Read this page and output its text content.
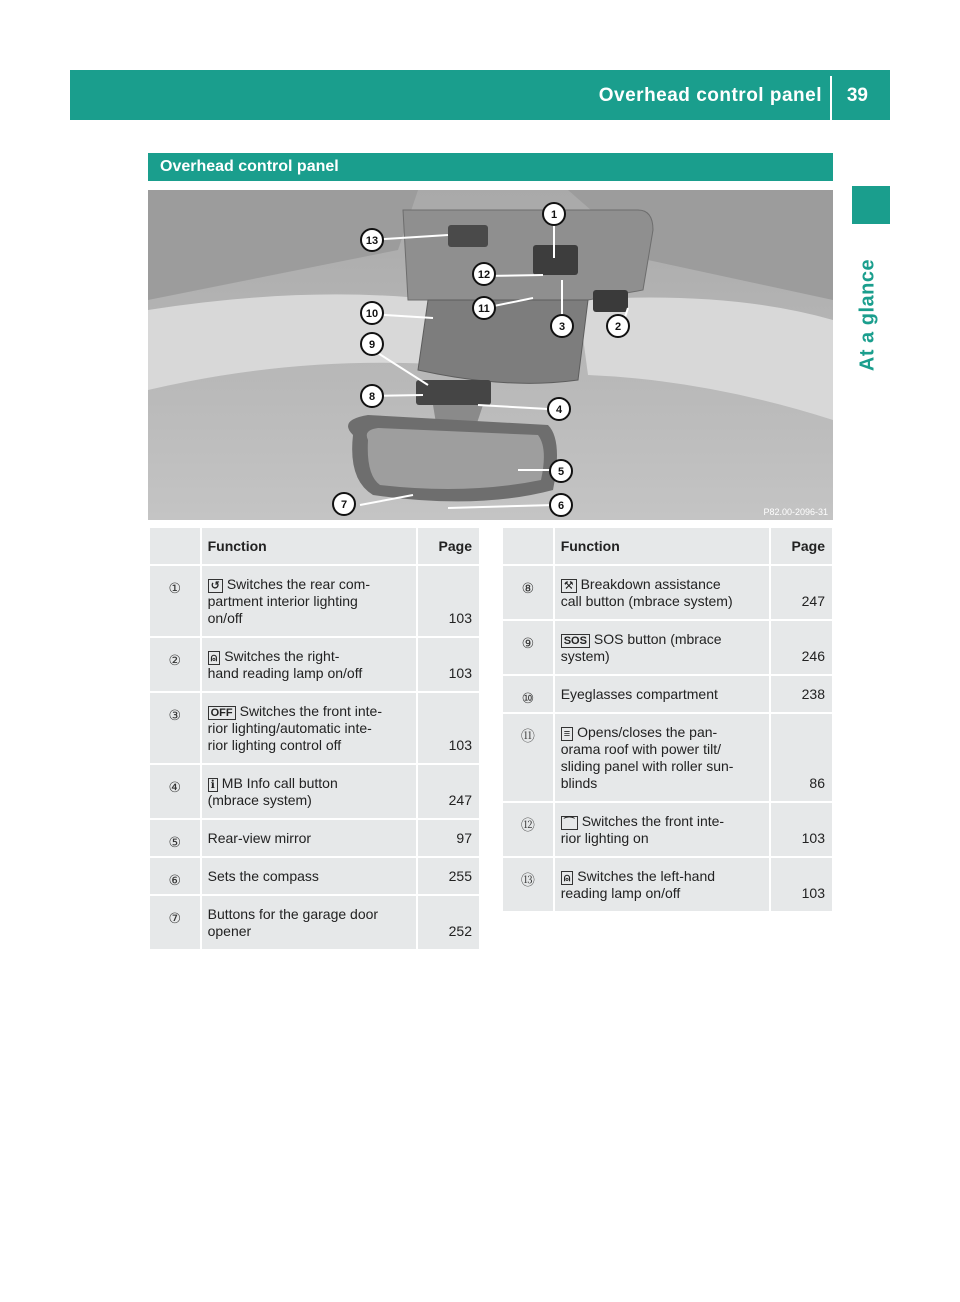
Overhead control panel 39
At a glance
Overhead control panel
1
2
3
4
5
6
7
8
9
10	11
12
13
P82.00-2096-31
	Function	Page
①	↺ Switches the rear com-
partment interior lighting
on/off	103
②	⍝ Switches the right-
hand reading lamp on/off	103
③	OFF Switches the front inte-
rior lighting/automatic inte-
rior lighting control off	103
④	ℹ MB Info call button
(mbrace system)	247
⑤	Rear-view mirror	97
⑥	Sets the compass	255
⑦	Buttons for the garage door
opener	252
	Function	Page
⑧	⚒ Breakdown assistance
call button (mbrace system)	247
⑨	SOS SOS button (mbrace
system)	246
⑩	Eyeglasses compartment	238
⑪	≡ Opens/closes the pan-
orama roof with power tilt/
sliding panel with roller sun-
blinds	86
⑫	⌒ Switches the front inte-
rior lighting on	103
⑬	⍝ Switches the left-hand
reading lamp on/off	103
